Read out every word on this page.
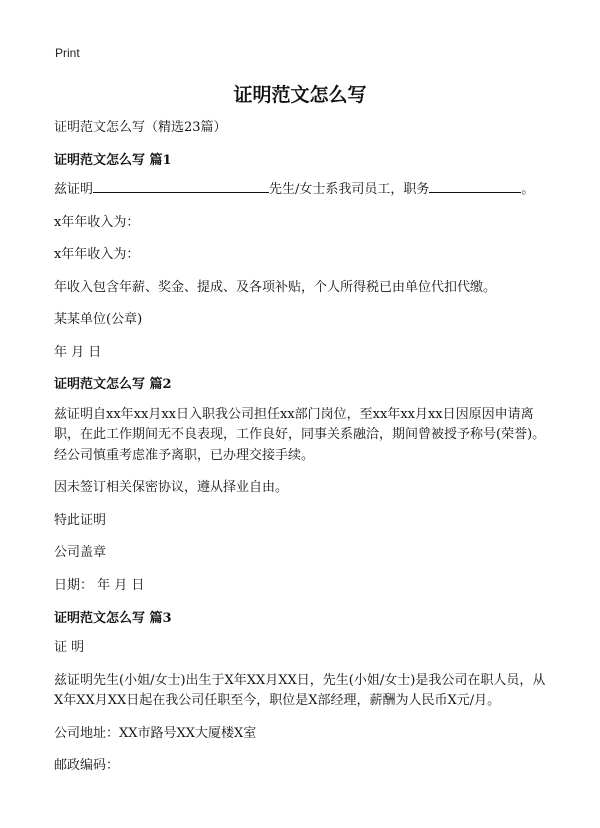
Print
证明范文怎么写

证明范文怎么写（精选23篇）

证明范文怎么写 篇1

兹证明	先生/女士系我司员工，职务	。

x年年收入为：

x年年收入为：

年收入包含年薪、奖金、提成、及各项补贴，个人所得税已由单位代扣代缴。

某某单位(公章)

年 月 日

证明范文怎么写 篇2

兹证明自xx年xx月xx日入职我公司担任xx部门岗位，至xx年xx月xx日因原因申请离职，在此工作期间无不良表现，工作良好，同事关系融洽，期间曾被授予称号(荣誉)。经公司慎重考虑准予离职，已办理交接手续。

因未签订相关保密协议，遵从择业自由。

特此证明

公司盖章

日期： 年 月 日

证明范文怎么写 篇3

证 明

兹证明先生(小姐/女士)出生于X年XX月XX日，先生(小姐/女士)是我公司在职人员，从X年XX月XX日起在我公司任职至今，职位是X部经理，薪酬为人民币X元/月。

公司地址：XX市路号XX大厦楼X室

邮政编码：
